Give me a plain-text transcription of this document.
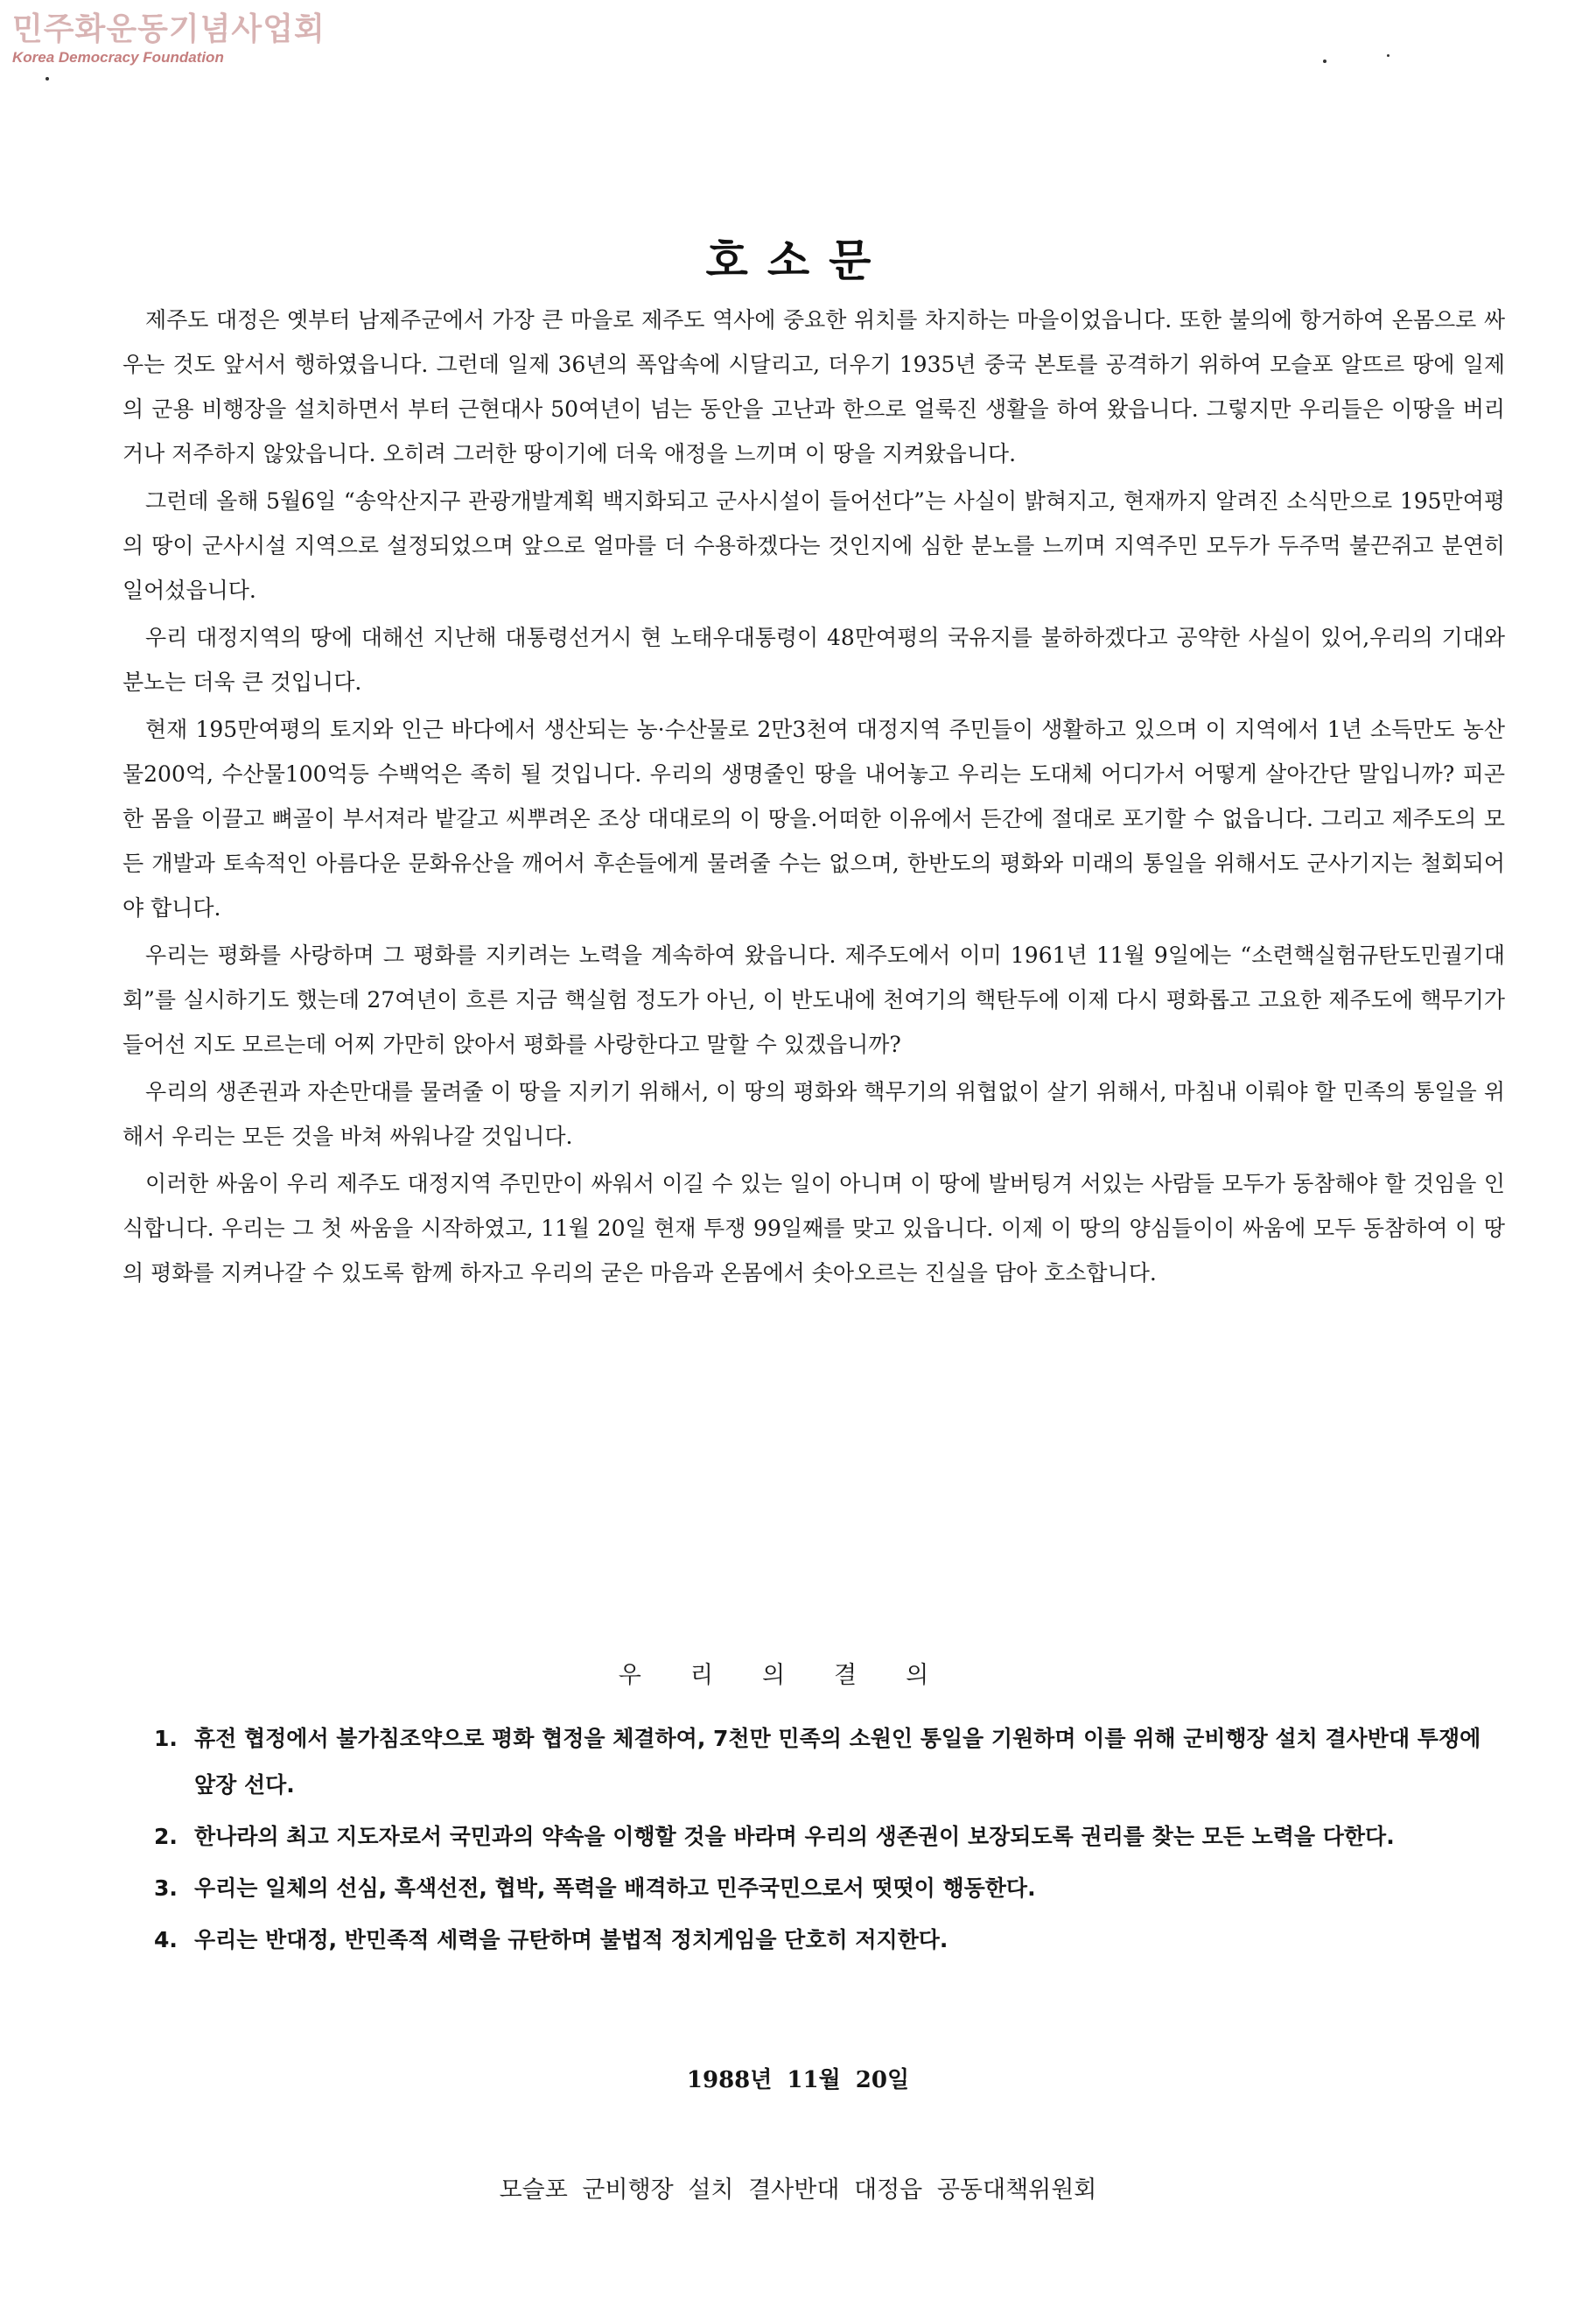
민주화운동기념사업회
Korea Democracy Foundation
호소문

제주도 대정은 옛부터 남제주군에서 가장 큰 마을로 제주도 역사에 중요한 위치를 차지하는 마을이었읍니다. 또한 불의에 항거하여 온몸으로 싸우는 것도 앞서서 행하였읍니다. 그런데 일제 36년의 폭압속에 시달리고, 더우기 1935년 중국 본토를 공격하기 위하여 모슬포 알뜨르 땅에 일제의 군용 비행장을 설치하면서 부터 근현대사 50여년이 넘는 동안을 고난과 한으로 얼룩진 생활을 하여 왔읍니다. 그렇지만 우리들은 이땅을 버리거나 저주하지 않았읍니다. 오히려 그러한 땅이기에 더욱 애정을 느끼며 이 땅을 지켜왔읍니다.

그런데 올해 5월6일 “송악산지구 관광개발계획 백지화되고 군사시설이 들어선다”는 사실이 밝혀지고, 현재까지 알려진 소식만으로 195만여평의 땅이 군사시설 지역으로 설정되었으며 앞으로 얼마를 더 수용하겠다는 것인지에 심한 분노를 느끼며 지역주민 모두가 두주먹 불끈쥐고 분연히 일어섰읍니다.

우리 대정지역의 땅에 대해선 지난해 대통령선거시 현 노태우대통령이 48만여평의 국유지를 불하하겠다고 공약한 사실이 있어,우리의 기대와 분노는 더욱 큰 것입니다.

현재 195만여평의 토지와 인근 바다에서 생산되는 농·수산물로 2만3천여 대정지역 주민들이 생활하고 있으며 이 지역에서 1년 소득만도 농산물200억, 수산물100억등 수백억은 족히 될 것입니다. 우리의 생명줄인 땅을 내어놓고 우리는 도대체 어디가서 어떻게 살아간단 말입니까? 피곤한 몸을 이끌고 뼈골이 부서져라 밭갈고 씨뿌려온 조상 대대로의 이 땅을.어떠한 이유에서 든간에 절대로 포기할 수 없읍니다. 그리고 제주도의 모든 개발과 토속적인 아름다운 문화유산을 깨어서 후손들에게 물려줄 수는 없으며, 한반도의 평화와 미래의 통일을 위해서도 군사기지는 철회되어야 합니다.

우리는 평화를 사랑하며 그 평화를 지키려는 노력을 계속하여 왔읍니다. 제주도에서 이미 1961년 11월 9일에는 “소련핵실험규탄도민궐기대회”를 실시하기도 했는데 27여년이 흐른 지금 핵실험 정도가 아닌, 이 반도내에 천여기의 핵탄두에 이제 다시 평화롭고 고요한 제주도에 핵무기가 들어선 지도 모르는데 어찌 가만히 앉아서 평화를 사랑한다고 말할 수 있겠읍니까?

우리의 생존권과 자손만대를 물려줄 이 땅을 지키기 위해서, 이 땅의 평화와 핵무기의 위협없이 살기 위해서, 마침내 이뤄야 할 민족의 통일을 위해서 우리는 모든 것을 바쳐 싸워나갈 것입니다.

이러한 싸움이 우리 제주도 대정지역 주민만이 싸워서 이길 수 있는 일이 아니며 이 땅에 발버팅겨 서있는 사람들 모두가 동참해야 할 것임을 인식합니다. 우리는 그 첫 싸움을 시작하였고, 11월 20일 현재 투쟁 99일째를 맞고 있읍니다. 이제 이 땅의 양심들이이 싸움에 모두 동참하여 이 땅의 평화를 지켜나갈 수 있도록 함께 하자고 우리의 굳은 마음과 온몸에서 솟아오르는 진실을 담아 호소합니다.

우리의결의
1. 휴전 협정에서 불가침조약으로 평화 협정을 체결하여, 7천만 민족의 소원인 통일을 기원하며 이를 위해 군비행장 설치 결사반대 투쟁에 앞장 선다.
2. 한나라의 최고 지도자로서 국민과의 약속을 이행할 것을 바라며 우리의 생존권이 보장되도록 권리를 찾는 모든 노력을 다한다.
3. 우리는 일체의 선심, 흑색선전, 협박, 폭력을 배격하고 민주국민으로서 떳떳이 행동한다.
4. 우리는 반대정, 반민족적 세력을 규탄하며 불법적 정치게임을 단호히 저지한다.
1988년 11월 20일
모슬포 군비행장 설치 결사반대 대정읍 공동대책위원회
